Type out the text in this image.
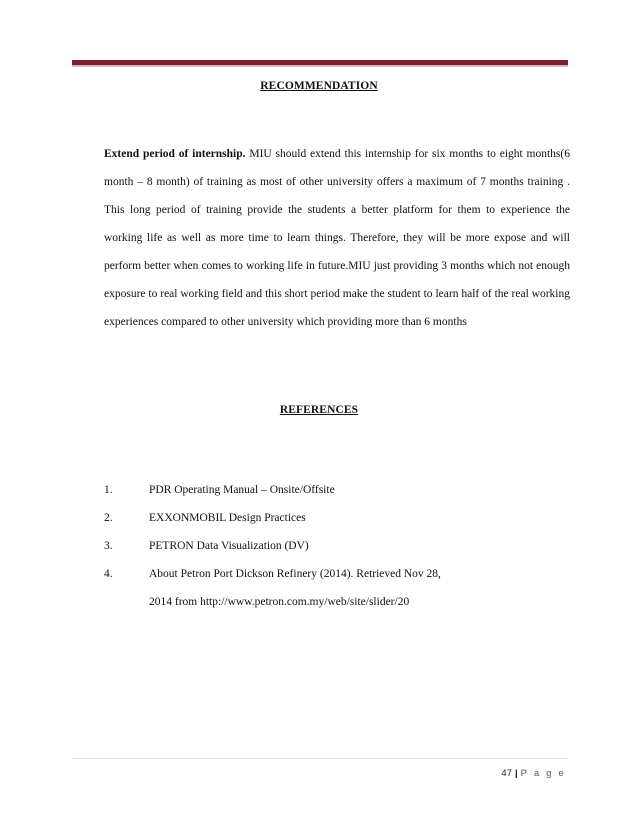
RECOMMENDATION
Extend period of internship. MIU should extend this internship for six months to eight months(6 month – 8 month) of training as most of other university offers a maximum of 7 months training . This long period of training provide the students a better platform for them to experience the working life as well as more time to learn things. Therefore, they will be more expose and will perform better when comes to working life in future.MIU just providing 3 months which not enough exposure to real working field and this short period make the student to learn half of the real working experiences compared to other university which providing more than 6 months
REFERENCES
1.	PDR Operating Manual – Onsite/Offsite
2.	EXXONMOBIL Design Practices
3.	PETRON Data Visualization (DV)
4.	About Petron Port Dickson Refinery (2014). Retrieved Nov 28,
2014 from http://www.petron.com.my/web/site/slider/20
47 | P a g e
